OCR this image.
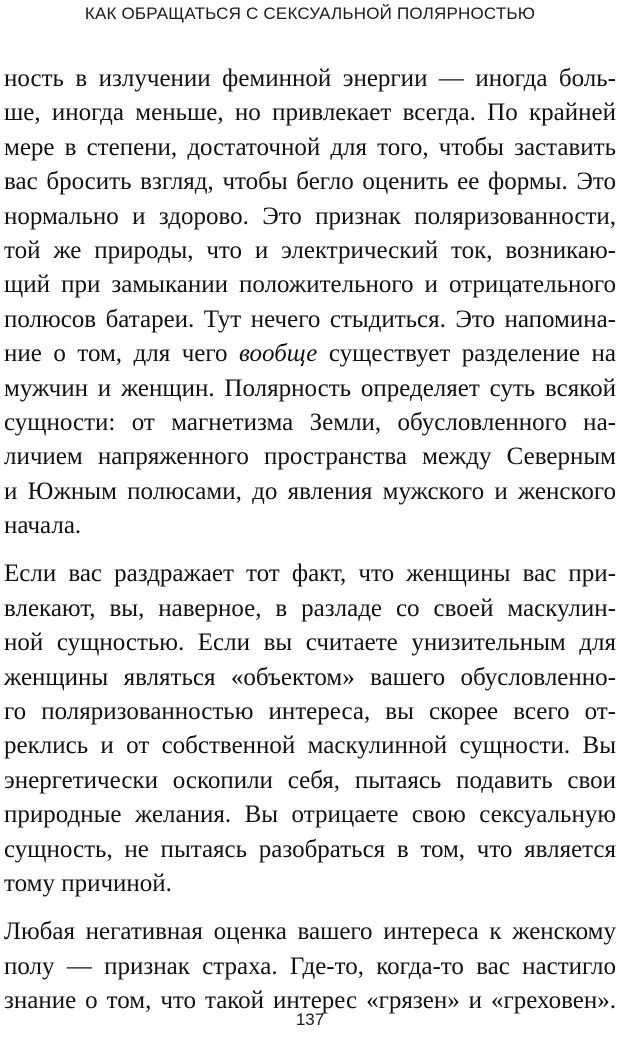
КАК ОБРАЩАТЬСЯ С СЕКСУАЛЬНОЙ ПОЛЯРНОСТЬЮ
ность в излучении феминной энергии — иногда боль-
ше, иногда меньше, но привлекает всегда. По крайней
мере в степени, достаточной для того, чтобы заставить
вас бросить взгляд, чтобы бегло оценить ее формы. Это
нормально и здорово. Это признак поляризованности,
той же природы, что и электрический ток, возникаю-
щий при замыкании положительного и отрицательного
полюсов батареи. Тут нечего стыдиться. Это напомина-
ние о том, для чего вообще существует разделение на
мужчин и женщин. Полярность определяет суть всякой
сущности: от магнетизма Земли, обусловленного на-
личием напряженного пространства между Северным
и Южным полюсами, до явления мужского и женского
начала.
Если вас раздражает тот факт, что женщины вас при-
влекают, вы, наверное, в разладе со своей маскулин-
ной сущностью. Если вы считаете унизительным для
женщины являться «объектом» вашего обусловленно-
го поляризованностью интереса, вы скорее всего от-
реклись и от собственной маскулинной сущности. Вы
энергетически оскопили себя, пытаясь подавить свои
природные желания. Вы отрицаете свою сексуальную
сущность, не пытаясь разобраться в том, что является
тому причиной.
Любая негативная оценка вашего интереса к женскому
полу — признак страха. Где-то, когда-то вас настигло
знание о том, что такой интерес «грязен» и «греховен».
137
